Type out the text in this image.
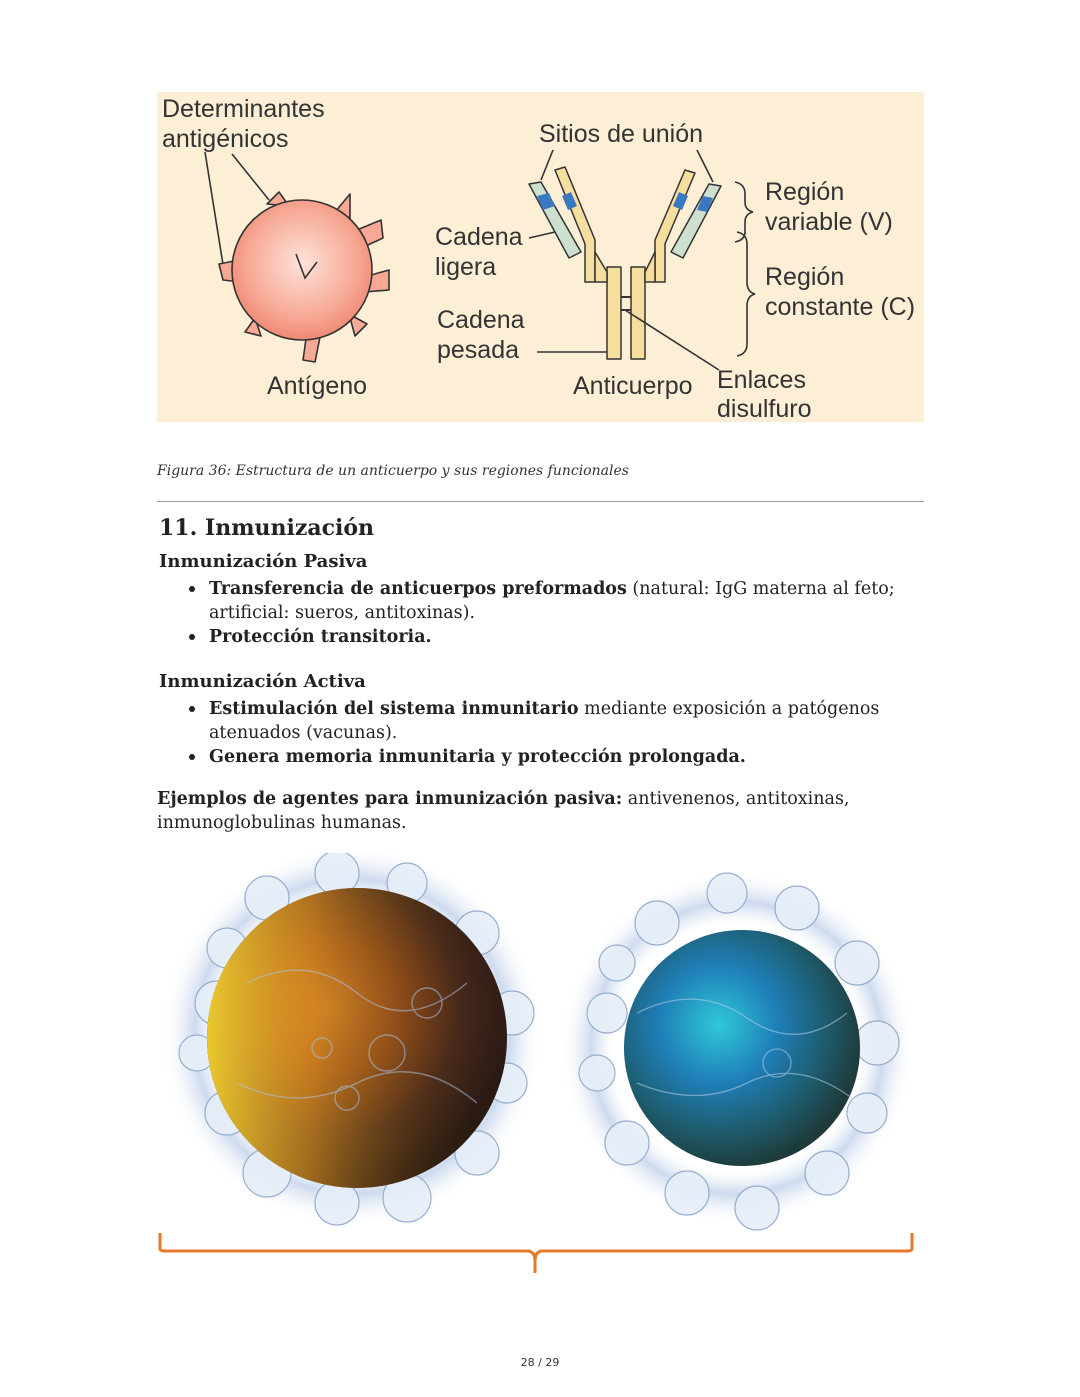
Determinantes
antigénicos
Antígeno
Sitios de unión
Cadena
ligera
Cadena
pesada
Anticuerpo Enlaces
disulfuro
Región
variable (V)
Región
constante (C)
Figura 36: Estructura de un anticuerpo y sus regiones funcionales
11. Inmunización
Inmunización Pasiva
Transferencia de anticuerpos preformados (natural: IgG materna al feto; artificial: sueros, antitoxinas).
Protección transitoria.
Inmunización Activa
Estimulación del sistema inmunitario mediante exposición a patógenos atenuados (vacunas).
Genera memoria inmunitaria y protección prolongada.
Ejemplos de agentes para inmunización pasiva: antivenenos, antitoxinas, inmunoglobulinas humanas.
28 / 29
